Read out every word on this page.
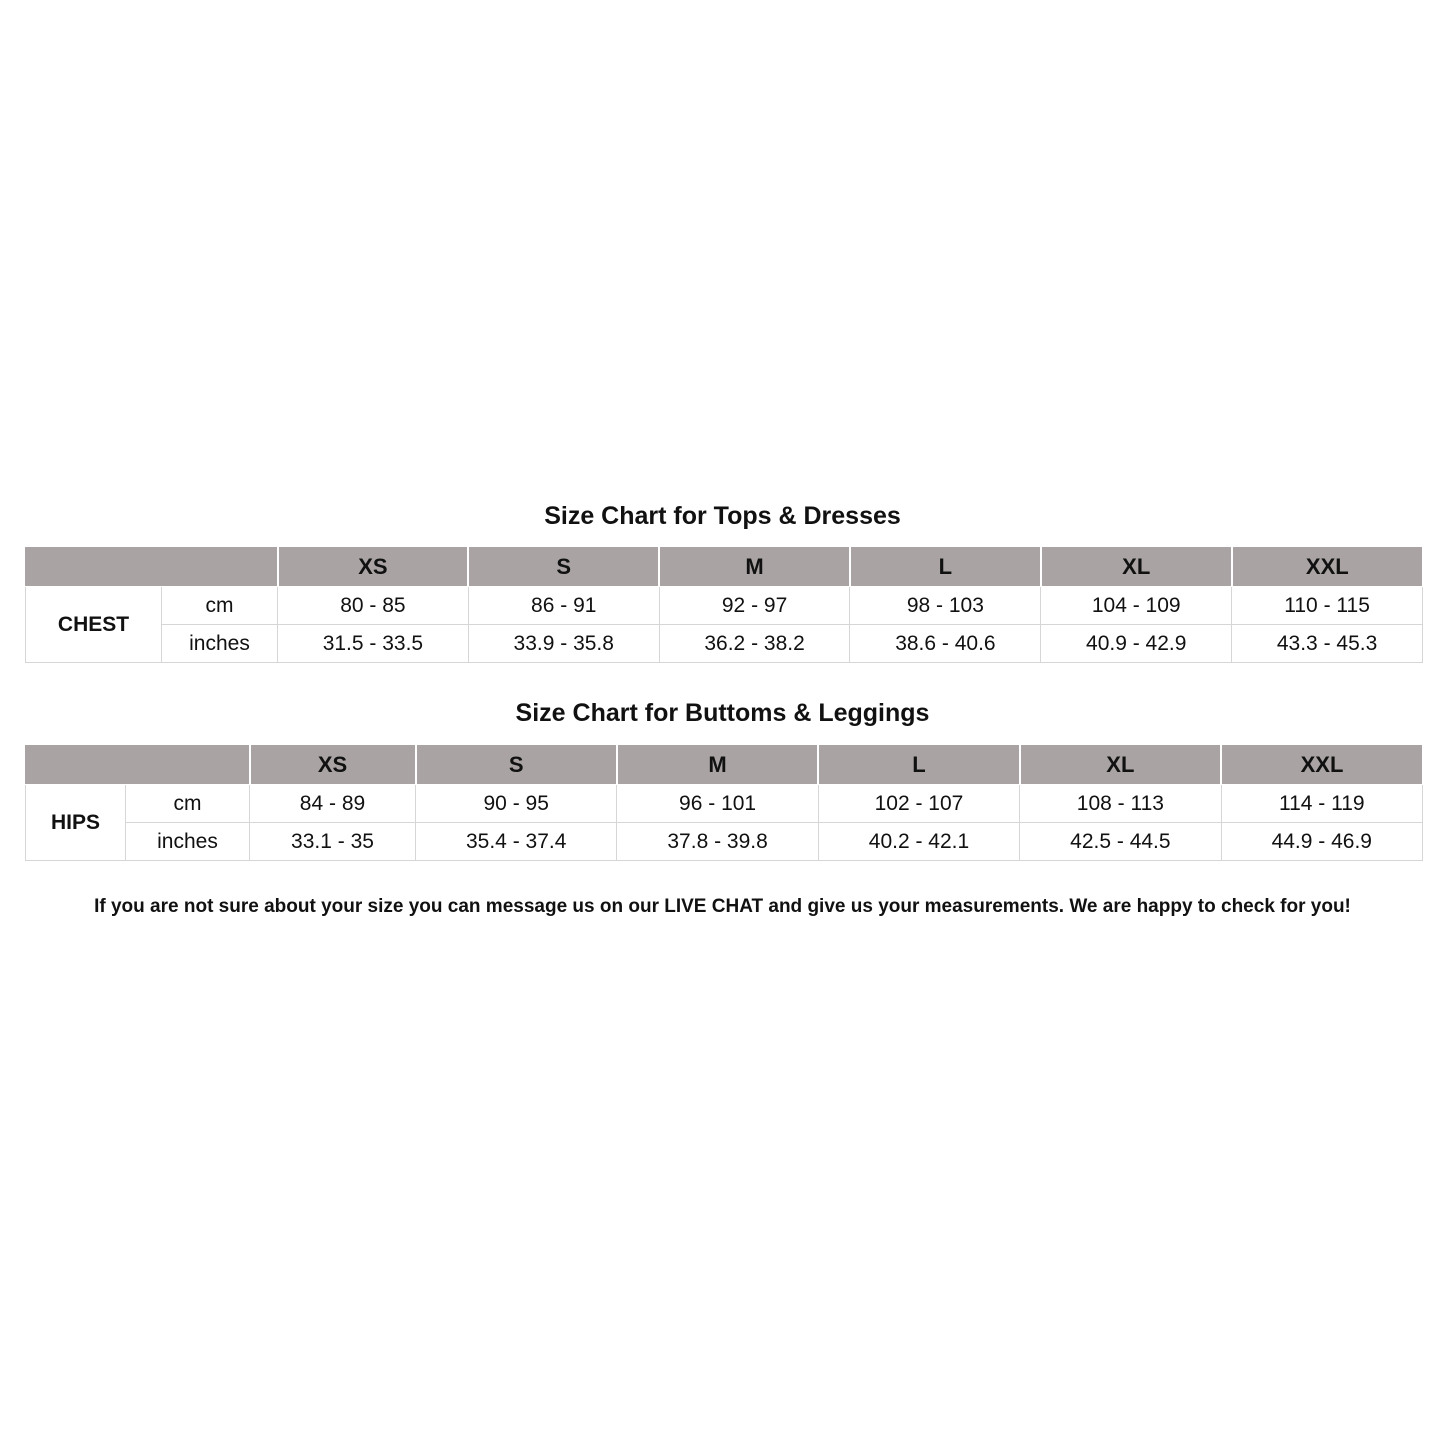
Size Chart for Tops & Dresses
		XS	S	M	L	XL	XXL
CHEST	cm	80 - 85	86 - 91	92 - 97	98 - 103	104 - 109	110 - 115
	inches	31.5 - 33.5	33.9 - 35.8	36.2 - 38.2	38.6 - 40.6	40.9 - 42.9	43.3 - 45.3
Size Chart for Buttoms & Leggings
		XS	S	M	L	XL	XXL
HIPS	cm	84 - 89	90 - 95	96 - 101	102 - 107	108 - 113	114 - 119
	inches	33.1 - 35	35.4 - 37.4	37.8 - 39.8	40.2 - 42.1	42.5 - 44.5	44.9 - 46.9
If you are not sure about your size you can message us on our LIVE CHAT and give us your measurements. We are happy to check for you!
